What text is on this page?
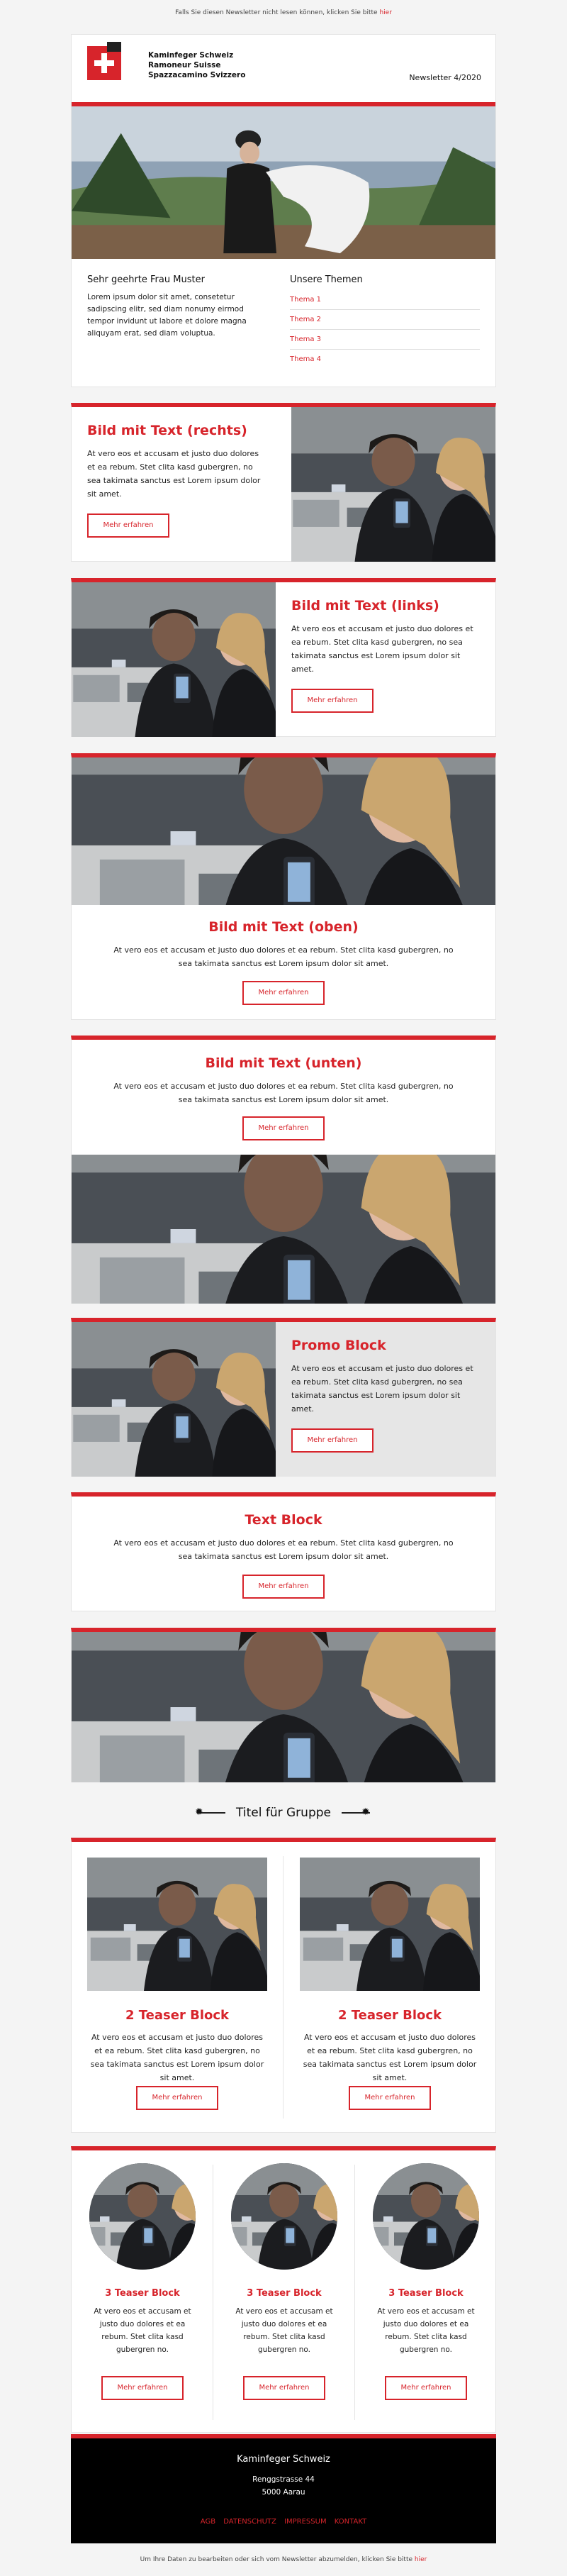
Falls Sie diesen Newsletter nicht lesen können, klicken Sie bitte hier
Kaminfeger Schweiz
Ramoneur Suisse
Spazzacamino Svizzero	Newsletter 4/2020
Sehr geehrte Frau Muster
Lorem ipsum dolor sit amet, consetetur sadipscing elitr, sed diam nonumy eirmod tempor invidunt ut labore et dolore magna aliquyam erat, sed diam voluptua.
Unsere Themen
Thema 1
Thema 2
Thema 3
Thema 4
Bild mit Text (rechts)
At vero eos et accusam et justo duo dolores et ea rebum. Stet clita kasd gubergren, no sea takimata sanctus est Lorem ipsum dolor sit amet.
Mehr erfahren
Bild mit Text (links)
At vero eos et accusam et justo duo dolores et ea rebum. Stet clita kasd gubergren, no sea takimata sanctus est Lorem ipsum dolor sit amet.
Mehr erfahren
Bild mit Text (oben)
At vero eos et accusam et justo duo dolores et ea rebum. Stet clita kasd gubergren, no sea takimata sanctus est Lorem ipsum dolor sit amet.
Mehr erfahren
Bild mit Text (unten)
At vero eos et accusam et justo duo dolores et ea rebum. Stet clita kasd gubergren, no sea takimata sanctus est Lorem ipsum dolor sit amet.
Mehr erfahren
Promo Block
At vero eos et accusam et justo duo dolores et ea rebum. Stet clita kasd gubergren, no sea takimata sanctus est Lorem ipsum dolor sit amet.
Mehr erfahren
Text Block
At vero eos et accusam et justo duo dolores et ea rebum. Stet clita kasd gubergren, no sea takimata sanctus est Lorem ipsum dolor sit amet.
Mehr erfahren
✹	Titel für Gruppe	✹
2 Teaser Block
At vero eos et accusam et justo duo dolores et ea rebum. Stet clita kasd gubergren, no sea takimata sanctus est Lorem ipsum dolor sit amet.
Mehr erfahren
2 Teaser Block
At vero eos et accusam et justo duo dolores et ea rebum. Stet clita kasd gubergren, no sea takimata sanctus est Lorem ipsum dolor sit amet.
Mehr erfahren
3 Teaser Block
At vero eos et accusam et justo duo dolores et ea rebum. Stet clita kasd gubergren no.
Mehr erfahren
3 Teaser Block
At vero eos et accusam et justo duo dolores et ea rebum. Stet clita kasd gubergren no.
Mehr erfahren
3 Teaser Block
At vero eos et accusam et justo duo dolores et ea rebum. Stet clita kasd gubergren no.
Mehr erfahren
Kaminfeger Schweiz
Renggstrasse 44
5000 Aarau
AGB DATENSCHUTZ IMPRESSUM KONTAKT
Um Ihre Daten zu bearbeiten oder sich vom Newsletter abzumelden, klicken Sie bitte hier
